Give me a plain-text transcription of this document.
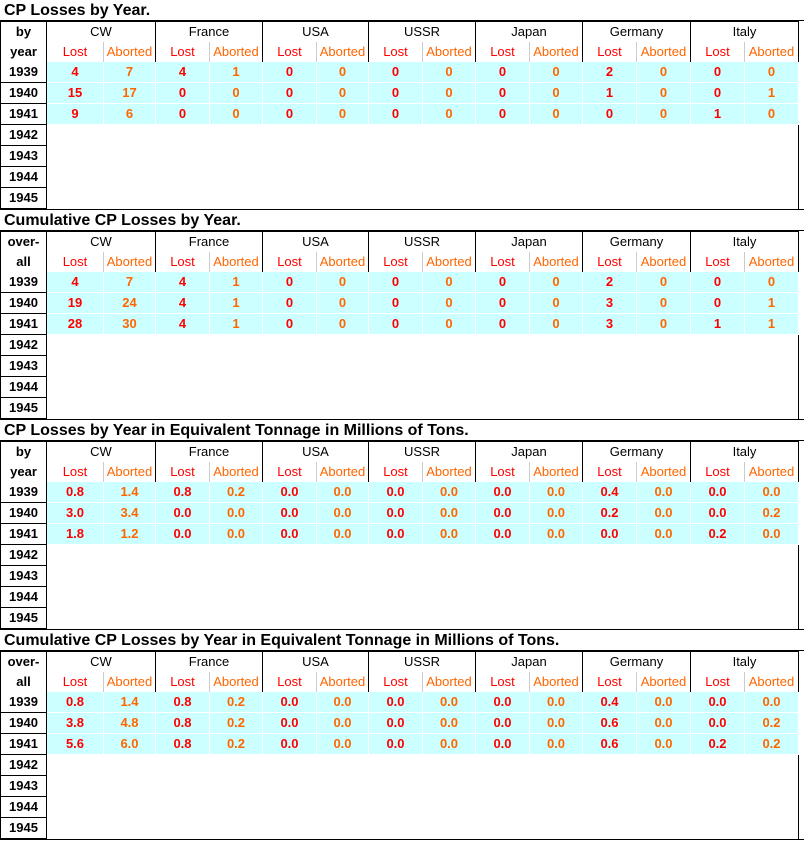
CP Losses by Year.
by	CW		France		USA		USSR		Japan		Germany		Italy	
year	Lost	Aborted	Lost	Aborted	Lost	Aborted	Lost	Aborted	Lost	Aborted	Lost	Aborted	Lost	Aborted
1939	4	7	4	1	0	0	0	0	0	0	2	0	0	0
1940	15	17	0	0	0	0	0	0	0	0	1	0	0	1
1941	9	6	0	0	0	0	0	0	0	0	0	0	1	0
1942														
1943														
1944														
1945														
Cumulative CP Losses by Year.
over-	CW		France		USA		USSR		Japan		Germany		Italy	
all	Lost	Aborted	Lost	Aborted	Lost	Aborted	Lost	Aborted	Lost	Aborted	Lost	Aborted	Lost	Aborted
1939	4	7	4	1	0	0	0	0	0	0	2	0	0	0
1940	19	24	4	1	0	0	0	0	0	0	3	0	0	1
1941	28	30	4	1	0	0	0	0	0	0	3	0	1	1
1942														
1943														
1944														
1945														
CP Losses by Year in Equivalent Tonnage in Millions of Tons.
by	CW		France		USA		USSR		Japan		Germany		Italy	
year	Lost	Aborted	Lost	Aborted	Lost	Aborted	Lost	Aborted	Lost	Aborted	Lost	Aborted	Lost	Aborted
1939	0.8	1.4	0.8	0.2	0.0	0.0	0.0	0.0	0.0	0.0	0.4	0.0	0.0	0.0
1940	3.0	3.4	0.0	0.0	0.0	0.0	0.0	0.0	0.0	0.0	0.2	0.0	0.0	0.2
1941	1.8	1.2	0.0	0.0	0.0	0.0	0.0	0.0	0.0	0.0	0.0	0.0	0.2	0.0
1942														
1943														
1944														
1945														
Cumulative CP Losses by Year in Equivalent Tonnage in Millions of Tons.
over-	CW		France		USA		USSR		Japan		Germany		Italy	
all	Lost	Aborted	Lost	Aborted	Lost	Aborted	Lost	Aborted	Lost	Aborted	Lost	Aborted	Lost	Aborted
1939	0.8	1.4	0.8	0.2	0.0	0.0	0.0	0.0	0.0	0.0	0.4	0.0	0.0	0.0
1940	3.8	4.8	0.8	0.2	0.0	0.0	0.0	0.0	0.0	0.0	0.6	0.0	0.0	0.2
1941	5.6	6.0	0.8	0.2	0.0	0.0	0.0	0.0	0.0	0.0	0.6	0.0	0.2	0.2
1942														
1943														
1944														
1945														
